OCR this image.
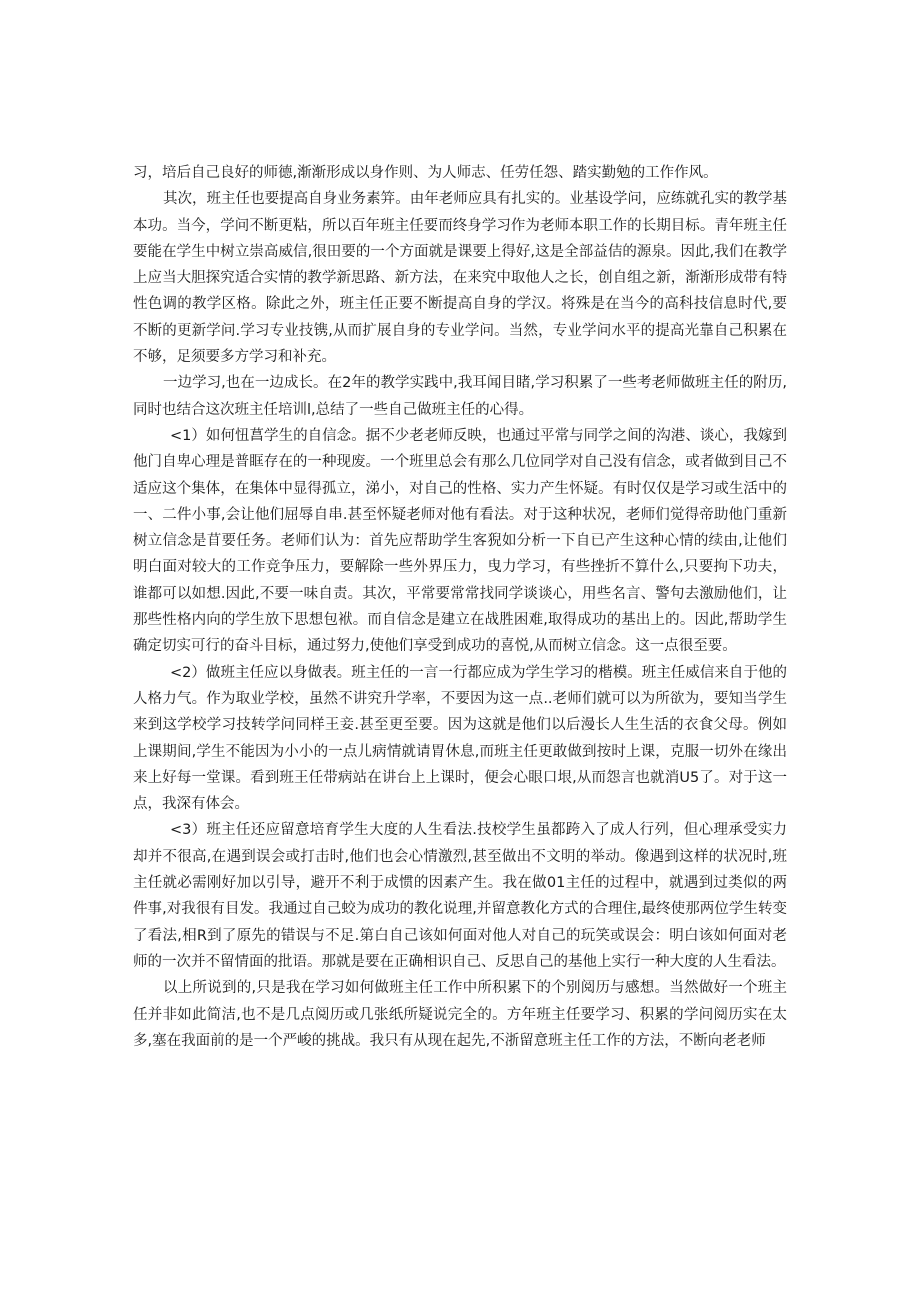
习，培后自己良好的师德,渐渐形成以身作则、为人师志、任劳任怨、踏实勤勉的工作作风。

其次，班主任也要提高自身业务素笄。由年老师应具有扎实的。业基设学问，应练就孔实的教学基本功。当今，学问不断更粘，所以百年班主任要而终身学习作为老师本职工作的长期目标。青年班主任要能在学生中树立崇高威信,很田要的一个方面就是课要上得好,这是全部益佶的源泉。因此,我们在教学上应当大胆探究适合实情的教学新思路、新方法，在来究中取他人之长，创自组之新，渐渐形成带有特性色调的教学区格。除此之外，班主任正要不断提高自身的学汉。将殊是在当今的高科技信息时代,要不断的更新学问.学习专业技镌,从而扩展自身的专业学问。当然，专业学问水平的提高光靠自己积累在不够，足须要多方学习和补充。

一边学习,也在一边成长。在2年的教学实践中,我耳闻目睹,学习积累了一些考老师做班主任的附历,同时也结合这次班主任培训l,总结了一些自己做班主任的心得。

<1）如何忸菖学生的自信念。据不少老老师反映，也通过平常与同学之间的沟港、谈心，我嫁到他门自卑心理是普眶存在的一种现废。一个班里总会有那么几位同学对自己没有信念，或者做到目己不适应这个集体，在集体中显得孤立，涕小，对自己的性格、实力产生怀疑。有时仅仅是学习或生活中的一、二件小事,会让他们屈辱自串.甚至怀疑老师对他有看法。对于这种状况，老师们觉得帝助他门重新树立信念是苜要任务。老师们认为：首先应帮助学生客猊如分析一下自已产生这种心情的续由,让他们明白面对较大的工作竞争压力，要解除一些外界压力，曳力学习，有些挫折不算什么,只要拘下功夫，谁都可以如想.因此,不要一味自责。其次，平常要常常找同学谈谈心，用些名言、警句去激励他们，让那些性格内向的学生放下思想包袱。而自信念是建立在战胜困难,取得成功的基出上的。因此,帮助学生确定切实可行的奋斗目标，通过努力,使他们享受到成功的喜悦,从而树立信念。这一点很至要。

<2）做班主任应以身做表。班主任的一言一行都应成为学生学习的楷模。班主任威信来自于他的人格力气。作为取业学校，虽然不讲究升学率，不要因为这一点..老师们就可以为所欲为，要知当学生来到这学校学习技转学问同样王妾.甚至更至要。因为这就是他们以后漫长人生生活的衣食父母。例如上课期间,学生不能因为小小的一点儿病情就请胃休息,而班主任更敢做到按时上课，克服一切外在缘出来上好每一堂课。看到班王任带病站在讲台上上课时，便会心眼口垠,从而怨言也就消U5了。对于这一点，我深有体会。

<3）班主任还应留意培育学生大度的人生看法.技校学生虽都跨入了成人行列，但心理承受实力却并不很高,在遇到误会或打击时,他们也会心情激烈,甚至做出不文明的举动。像遇到这样的状况时,班主任就必需刚好加以引导，避开不利于成惯的因素产生。我在做01主任的过程中，就遇到过类似的两件事,对我很有目发。我通过自己蛟为成功的教化说理,并留意教化方式的合理住,最终使那两位学生转变了看法,相R到了原先的错误与不足.第白自己该如何面对他人对自己的玩笑或误会：明白该如何面对老师的一次并不留情面的批语。那就是要在正确相识自己、反思自己的基他上实行一种大度的人生看法。

以上所说到的,只是我在学习如何做班主任工作中所积累下的个别阅历与感想。当然做好一个班主任并非如此简洁,也不是几点阅历或几张纸所疑说完全的。方年班主任要学习、积累的学问阅历实在太多,塞在我面前的是一个严峻的挑战。我只有从现在起先,不浙留意班主任工作的方法，不断向老老师
